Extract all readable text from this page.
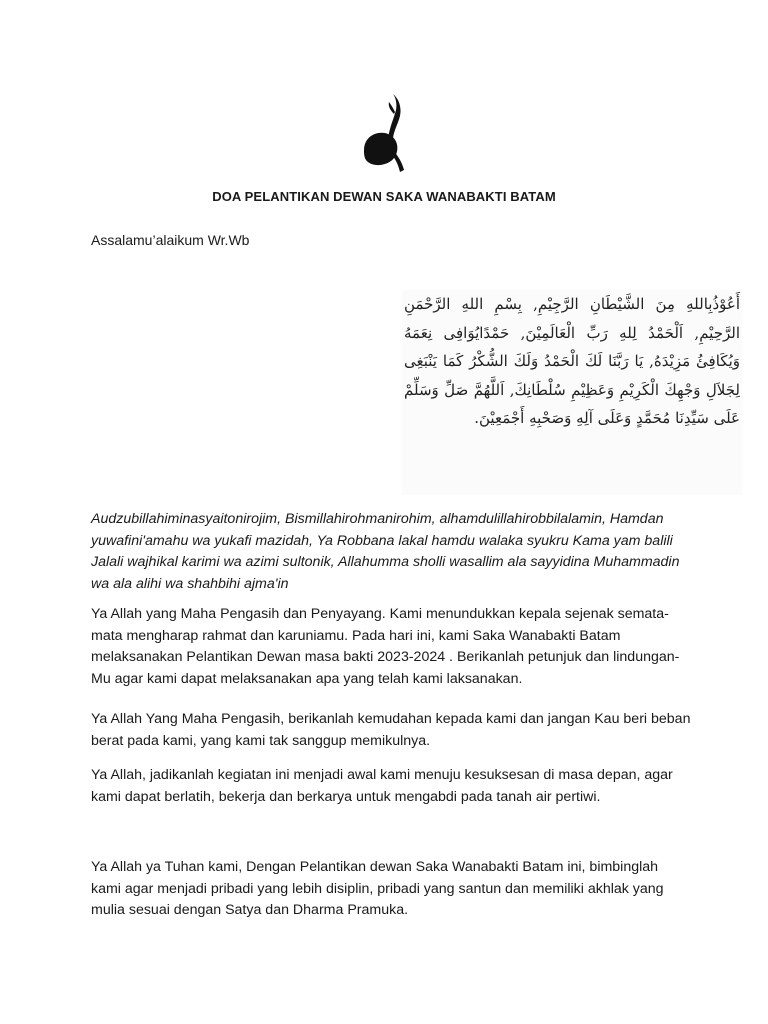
DOA PELANTIKAN DEWAN SAKA WANABAKTI BATAM
Assalamu’alaikum Wr.Wb
أَعُوْذُبِاللهِ مِنَ الشَّيْطَانِ الرَّجِيْمِ, بِسْمِ اللهِ الرَّحْمَنِ الرَّحِيْمِ, اَلْحَمْدُ لِلهِ رَبِّ الْعَالَمِيْنَ, حَمْدًايُوَافِى نِعَمَهُ وَيُكَافِئُ مَزِيْدَهُ, يَا رَبَّنَا لَكَ الْحَمْدُ وَلَكَ الشُّكْرُ كَمَا يَنْبَغِى لِجَلاَلِ وَجْهِكَ الْكَرِيْمِ وَعَظِيْمِ سُلْطَانِكَ, اَللَّهُمَّ صَلِّ وَسَلِّمْ عَلَى سَيِّدِنَا مُحَمَّدٍ وَعَلَى آلِهِ وَصَحْبِهِ أَجْمَعِيْنَ.

Audzubillahiminasyaitonirojim, Bismillahirohmanirohim, alhamdulillahirobbilalamin, Hamdan yuwafini'amahu wa yukafi mazidah, Ya Robbana lakal hamdu walaka syukru Kama yam balili Jalali wajhikal karimi wa azimi sultonik, Allahumma sholli wasallim ala sayyidina Muhammadin wa ala alihi wa shahbihi ajma'in

Ya Allah yang Maha Pengasih dan Penyayang. Kami menundukkan kepala sejenak semata-mata mengharap rahmat dan karuniamu. Pada hari ini, kami Saka Wanabakti Batam melaksanakan Pelantikan Dewan masa bakti 2023-2024 . Berikanlah petunjuk dan lindungan-Mu agar kami dapat melaksanakan apa yang telah kami laksanakan.

Ya Allah Yang Maha Pengasih, berikanlah kemudahan kepada kami dan jangan Kau beri beban berat pada kami, yang kami tak sanggup memikulnya.

Ya Allah, jadikanlah kegiatan ini menjadi awal kami menuju kesuksesan di masa depan, agar kami dapat berlatih, bekerja dan berkarya untuk mengabdi pada tanah air pertiwi.

Ya Allah ya Tuhan kami, Dengan Pelantikan dewan Saka Wanabakti Batam ini, bimbinglah kami agar menjadi pribadi yang lebih disiplin, pribadi yang santun dan memiliki akhlak yang mulia sesuai dengan Satya dan Dharma Pramuka.
